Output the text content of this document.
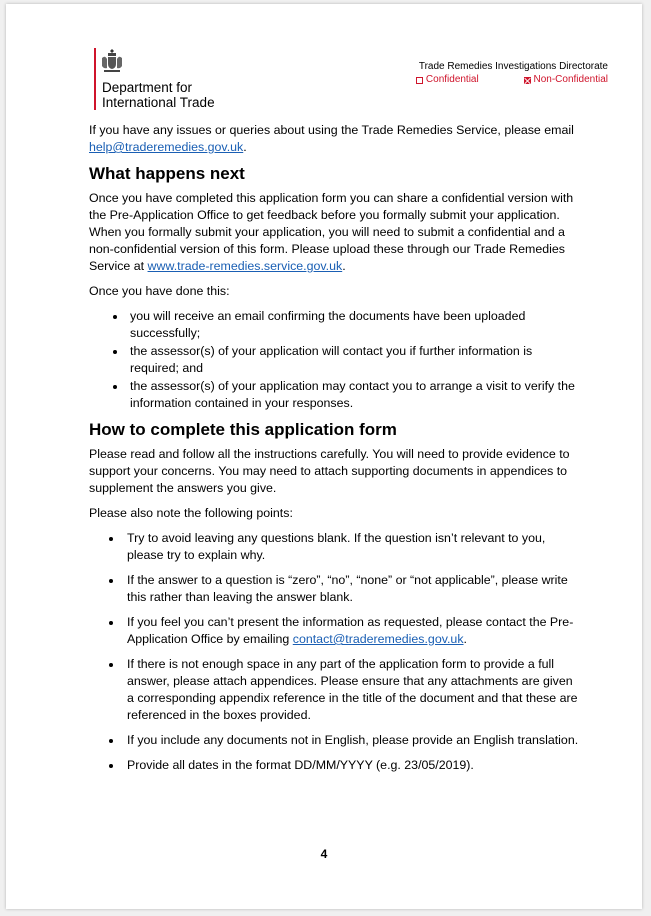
Department for
International Trade
Trade Remedies Investigations Directorate
Confidential
	Non-Confidential

If you have any issues or queries about using the Trade Remedies Service, please email help@traderemedies.gov.uk.

What happens next

Once you have completed this application form you can share a confidential version with the Pre-Application Office to get feedback before you formally submit your application. When you formally submit your application, you will need to submit a confidential and a non-confidential version of this form. Please upload these through our Trade Remedies Service at www.trade-remedies.service.gov.uk.

Once you have done this:

you will receive an email confirming the documents have been uploaded successfully;
the assessor(s) of your application will contact you if further information is required; and
the assessor(s) of your application may contact you to arrange a visit to verify the information contained in your responses.
How to complete this application form

Please read and follow all the instructions carefully. You will need to provide evidence to support your concerns. You may need to attach supporting documents in appendices to supplement the answers you give.

Please also note the following points:

Try to avoid leaving any questions blank. If the question isn’t relevant to you, please try to explain why.
If the answer to a question is “zero”, “no”, “none” or “not applicable”, please write this rather than leaving the answer blank.
If you feel you can’t present the information as requested, please contact the Pre-Application Office by emailing contact@traderemedies.gov.uk.
If there is not enough space in any part of the application form to provide a full answer, please attach appendices. Please ensure that any attachments are given a corresponding appendix reference in the title of the document and that these are referenced in the boxes provided.
If you include any documents not in English, please provide an English translation.
Provide all dates in the format DD/MM/YYYY (e.g. 23/05/2019).
4
